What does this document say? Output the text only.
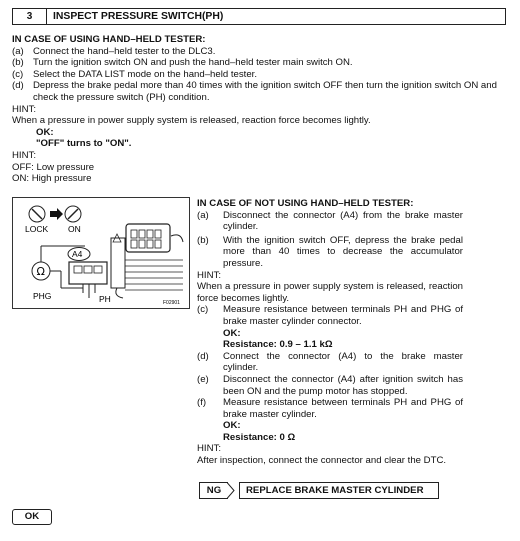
3	INSPECT PRESSURE SWITCH(PH)
IN CASE OF USING HAND–HELD TESTER:
(a) Connect the hand–held tester to the DLC3.
(b) Turn the ignition switch ON and push the hand–held tester main switch ON.
(c)	Select the DATA LIST mode on the hand–held tester.
(d) Depress the brake pedal more than 40 times with the ignition switch OFF then turn the ignition switch ON and check the pressure switch (PH) condition.
HINT:
When a pressure in power supply system is released, reaction force becomes lightly.
OK:
"OFF" turns to "ON".
HINT:
OFF: Low pressure
ON: High pressure
LOCK ON
Ω
A4
PHG	PH	F02901
IN CASE OF NOT USING HAND–HELD TESTER:
(a)	Disconnect the connector (A4) from the brake master cylinder.
(b)	With the ignition switch OFF, depress the brake pedal more than 40 times to decrease the accumulator pressure.
HINT:
When a pressure in power supply system is released, reaction force becomes lightly.
(c)	Measure resistance between terminals PH and PHG of brake master cylinder connector.
OK:
Resistance: 0.9 – 1.1 kΩ
(d)	Connect the connector (A4) to the brake master cylinder.
(e)	Disconnect the connector (A4) after ignition switch has been ON and the pump motor has stopped.
(f)	Measure resistance between terminals PH and PHG of brake master cylinder.
OK:
Resistance: 0 Ω
HINT:
After inspection, connect the connector and clear the DTC.
NG	REPLACE BRAKE MASTER CYLINDER
OK
